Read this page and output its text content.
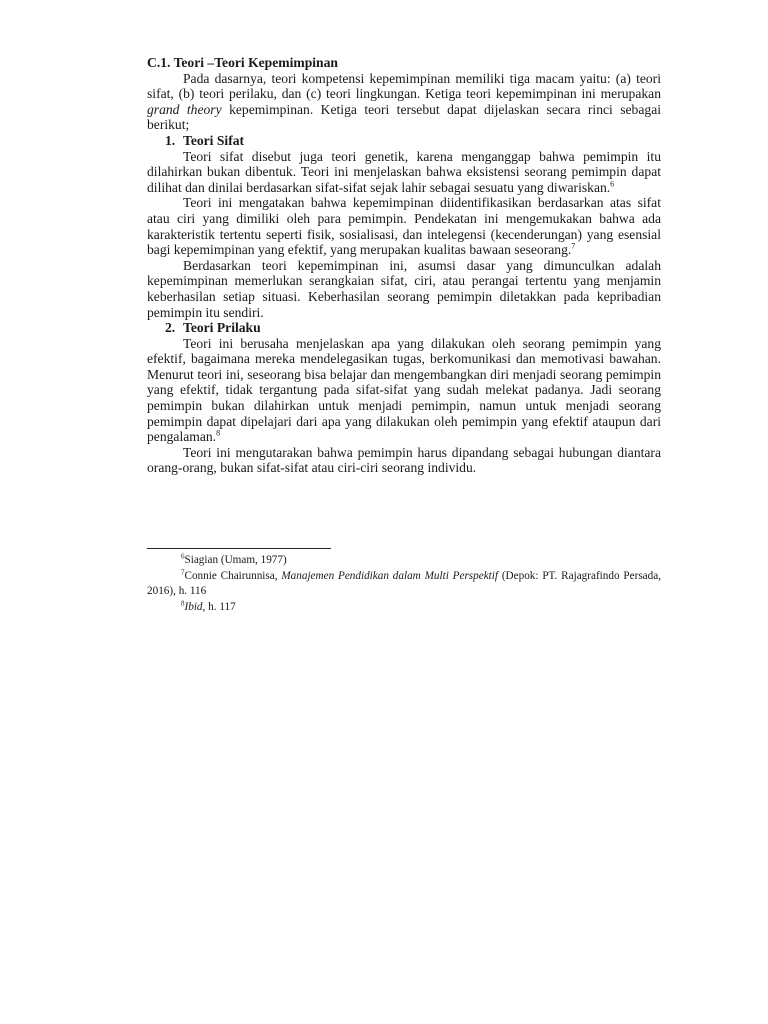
C.1. Teori –Teori Kepemimpinan

Pada dasarnya, teori kompetensi kepemimpinan memiliki tiga macam yaitu: (a) teori sifat, (b) teori perilaku, dan (c) teori lingkungan. Ketiga teori kepemimpinan ini merupakan grand theory kepemimpinan. Ketiga teori tersebut dapat dijelaskan secara rinci sebagai berikut;

1. Teori Sifat

Teori sifat disebut juga teori genetik, karena menganggap bahwa pemimpin itu dilahirkan bukan dibentuk. Teori ini menjelaskan bahwa eksistensi seorang pemimpin dapat dilihat dan dinilai berdasarkan sifat-sifat sejak lahir sebagai sesuatu yang diwariskan.$^6$

Teori ini mengatakan bahwa kepemimpinan diidentifikasikan berdasarkan atas sifat atau ciri yang dimiliki oleh para pemimpin. Pendekatan ini mengemukakan bahwa ada karakteristik tertentu seperti fisik, sosialisasi, dan intelegensi (kecenderungan) yang esensial bagi kepemimpinan yang efektif, yang merupakan kualitas bawaan seseorang.$^7$

Berdasarkan teori kepemimpinan ini, asumsi dasar yang dimunculkan adalah kepemimpinan memerlukan serangkaian sifat, ciri, atau perangai tertentu yang menjamin keberhasilan setiap situasi. Keberhasilan seorang pemimpin diletakkan pada kepribadian pemimpin itu sendiri.

2. Teori Prilaku

Teori ini berusaha menjelaskan apa yang dilakukan oleh seorang pemimpin yang efektif, bagaimana mereka mendelegasikan tugas, berkomunikasi dan memotivasi bawahan. Menurut teori ini, seseorang bisa belajar dan mengembangkan diri menjadi seorang pemimpin yang efektif, tidak tergantung pada sifat-sifat yang sudah melekat padanya. Jadi seorang pemimpin bukan dilahirkan untuk menjadi pemimpin, namun untuk menjadi seorang pemimpin dapat dipelajari dari apa yang dilakukan oleh pemimpin yang efektif ataupun dari pengalaman.$^8$

Teori ini mengutarakan bahwa pemimpin harus dipandang sebagai hubungan diantara orang-orang, bukan sifat-sifat atau ciri-ciri seorang individu.

$^6$Siagian (Umam, 1977)
$^7$Connie Chairunnisa, Manajemen Pendidikan dalam Multi Perspektif (Depok: PT. Rajagrafindo Persada, 2016), h. 116
$^8$Ibid, h. 117
